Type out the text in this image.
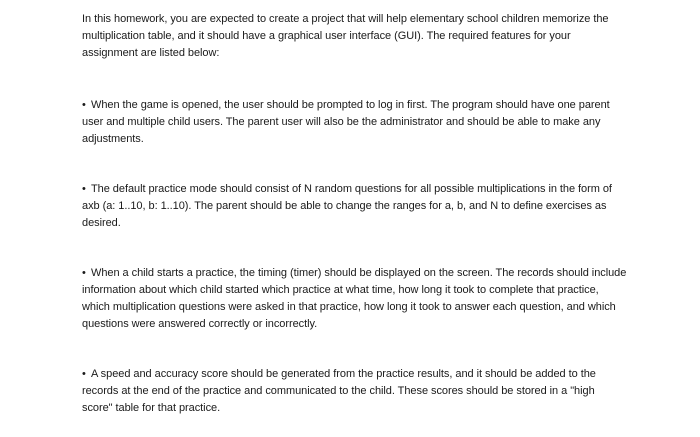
In this homework, you are expected to create a project that will help elementary school children memorize the multiplication table, and it should have a graphical user interface (GUI). The required features for your assignment are listed below:

• When the game is opened, the user should be prompted to log in first. The program should have one parent user and multiple child users. The parent user will also be the administrator and should be able to make any adjustments.

• The default practice mode should consist of N random questions for all possible multiplications in the form of axb (a: 1..10, b: 1..10). The parent should be able to change the ranges for a, b, and N to define exercises as desired.

• When a child starts a practice, the timing (timer) should be displayed on the screen. The records should include information about which child started which practice at what time, how long it took to complete that practice, which multiplication questions were asked in that practice, how long it took to answer each question, and which questions were answered correctly or incorrectly.

• A speed and accuracy score should be generated from the practice results, and it should be added to the records at the end of the practice and communicated to the child. These scores should be stored in a "high score" table for that practice.
